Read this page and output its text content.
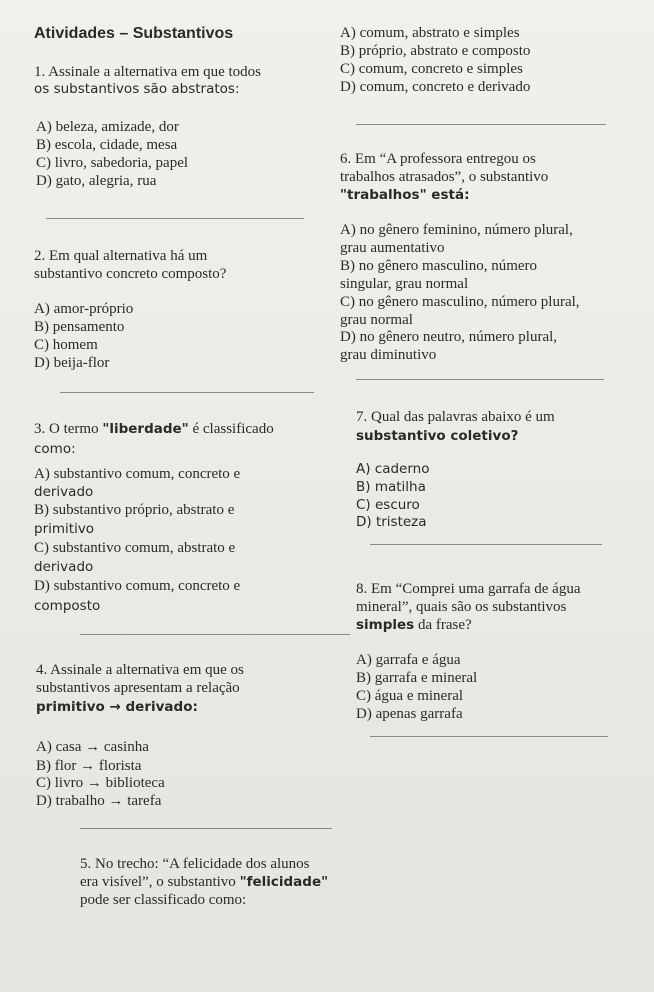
Atividades – Substantivos
1. Assinale a alternativa em que todos
os substantivos são abstratos:
A) beleza, amizade, dor
B) escola, cidade, mesa
C) livro, sabedoria, papel
D) gato, alegria, rua
2. Em qual alternativa há um
substantivo concreto composto?
A) amor-próprio
B) pensamento
C) homem
D) beija-flor
3. O termo "liberdade" é classificado
como:
A) substantivo comum, concreto e
derivado
B) substantivo próprio, abstrato e
primitivo
C) substantivo comum, abstrato e
derivado
D) substantivo comum, concreto e
composto
4. Assinale a alternativa em que os
substantivos apresentam a relação
primitivo → derivado:
A) casa → casinha
B) flor → florista
C) livro → biblioteca
D) trabalho → tarefa
5. No trecho: “A felicidade dos alunos
era visível”, o substantivo "felicidade"
pode ser classificado como:
A) comum, abstrato e simples
B) próprio, abstrato e composto
C) comum, concreto e simples
D) comum, concreto e derivado
6. Em “A professora entregou os
trabalhos atrasados”, o substantivo
"trabalhos" está:
A) no gênero feminino, número plural,
grau aumentativo
B) no gênero masculino, número
singular, grau normal
C) no gênero masculino, número plural,
grau normal
D) no gênero neutro, número plural,
grau diminutivo
7. Qual das palavras abaixo é um
substantivo coletivo?
A) caderno
B) matilha
C) escuro
D) tristeza
8. Em “Comprei uma garrafa de água
mineral”, quais são os substantivos
simples da frase?
A) garrafa e água
B) garrafa e mineral
C) água e mineral
D) apenas garrafa
